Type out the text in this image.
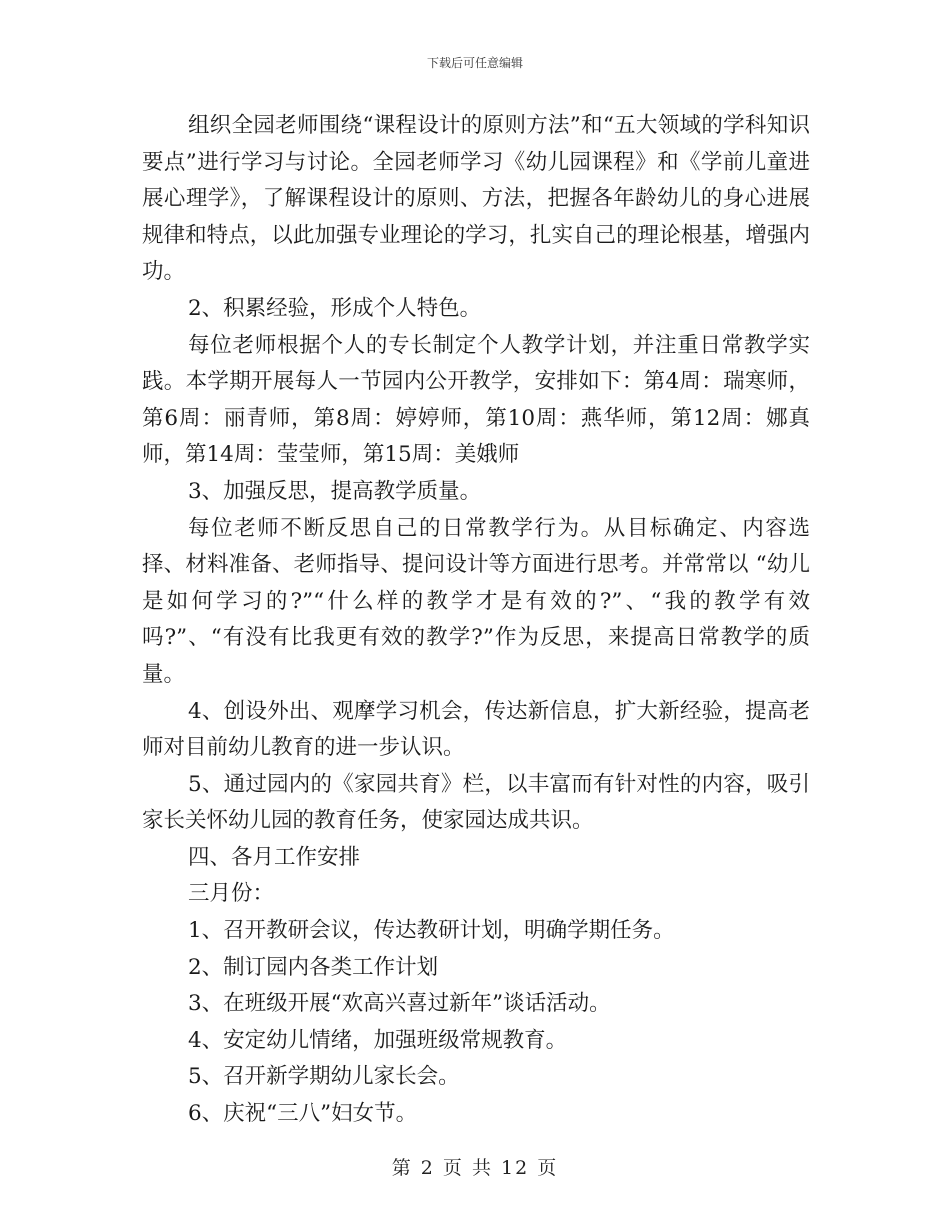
下载后可任意编辑

组织全园老师围绕“课程设计的原则方法”和“五大领域的学科知识要点”进行学习与讨论。全园老师学习《幼儿园课程》和《学前儿童进展心理学》，了解课程设计的原则、方法，把握各年龄幼儿的身心进展规律和特点，以此加强专业理论的学习，扎实自己的理论根基，增强内功。

2、积累经验，形成个人特色。

每位老师根据个人的专长制定个人教学计划，并注重日常教学实践。本学期开展每人一节园内公开教学，安排如下：第4周：瑞寒师，第6周：丽青师，第8周：婷婷师，第10周：燕华师，第12周：娜真师，第14周：莹莹师，第15周：美娥师

3、加强反思，提高教学质量。

每位老师不断反思自己的日常教学行为。从目标确定、内容选择、材料准备、老师指导、提问设计等方面进行思考。并常常以 “幼儿是如何学习的?”“什么样的教学才是有效的?”、“我的教学有效吗?”、“有没有比我更有效的教学?”作为反思，来提高日常教学的质量。

4、创设外出、观摩学习机会，传达新信息，扩大新经验，提高老师对目前幼儿教育的进一步认识。

5、通过园内的《家园共育》栏，以丰富而有针对性的内容，吸引家长关怀幼儿园的教育任务，使家园达成共识。

四、各月工作安排

三月份：

1、召开教研会议，传达教研计划，明确学期任务。

2、制订园内各类工作计划

3、在班级开展“欢高兴喜过新年”谈话活动。

4、安定幼儿情绪，加强班级常规教育。

5、召开新学期幼儿家长会。

6、庆祝“三八”妇女节。

第 2 页 共 12 页
